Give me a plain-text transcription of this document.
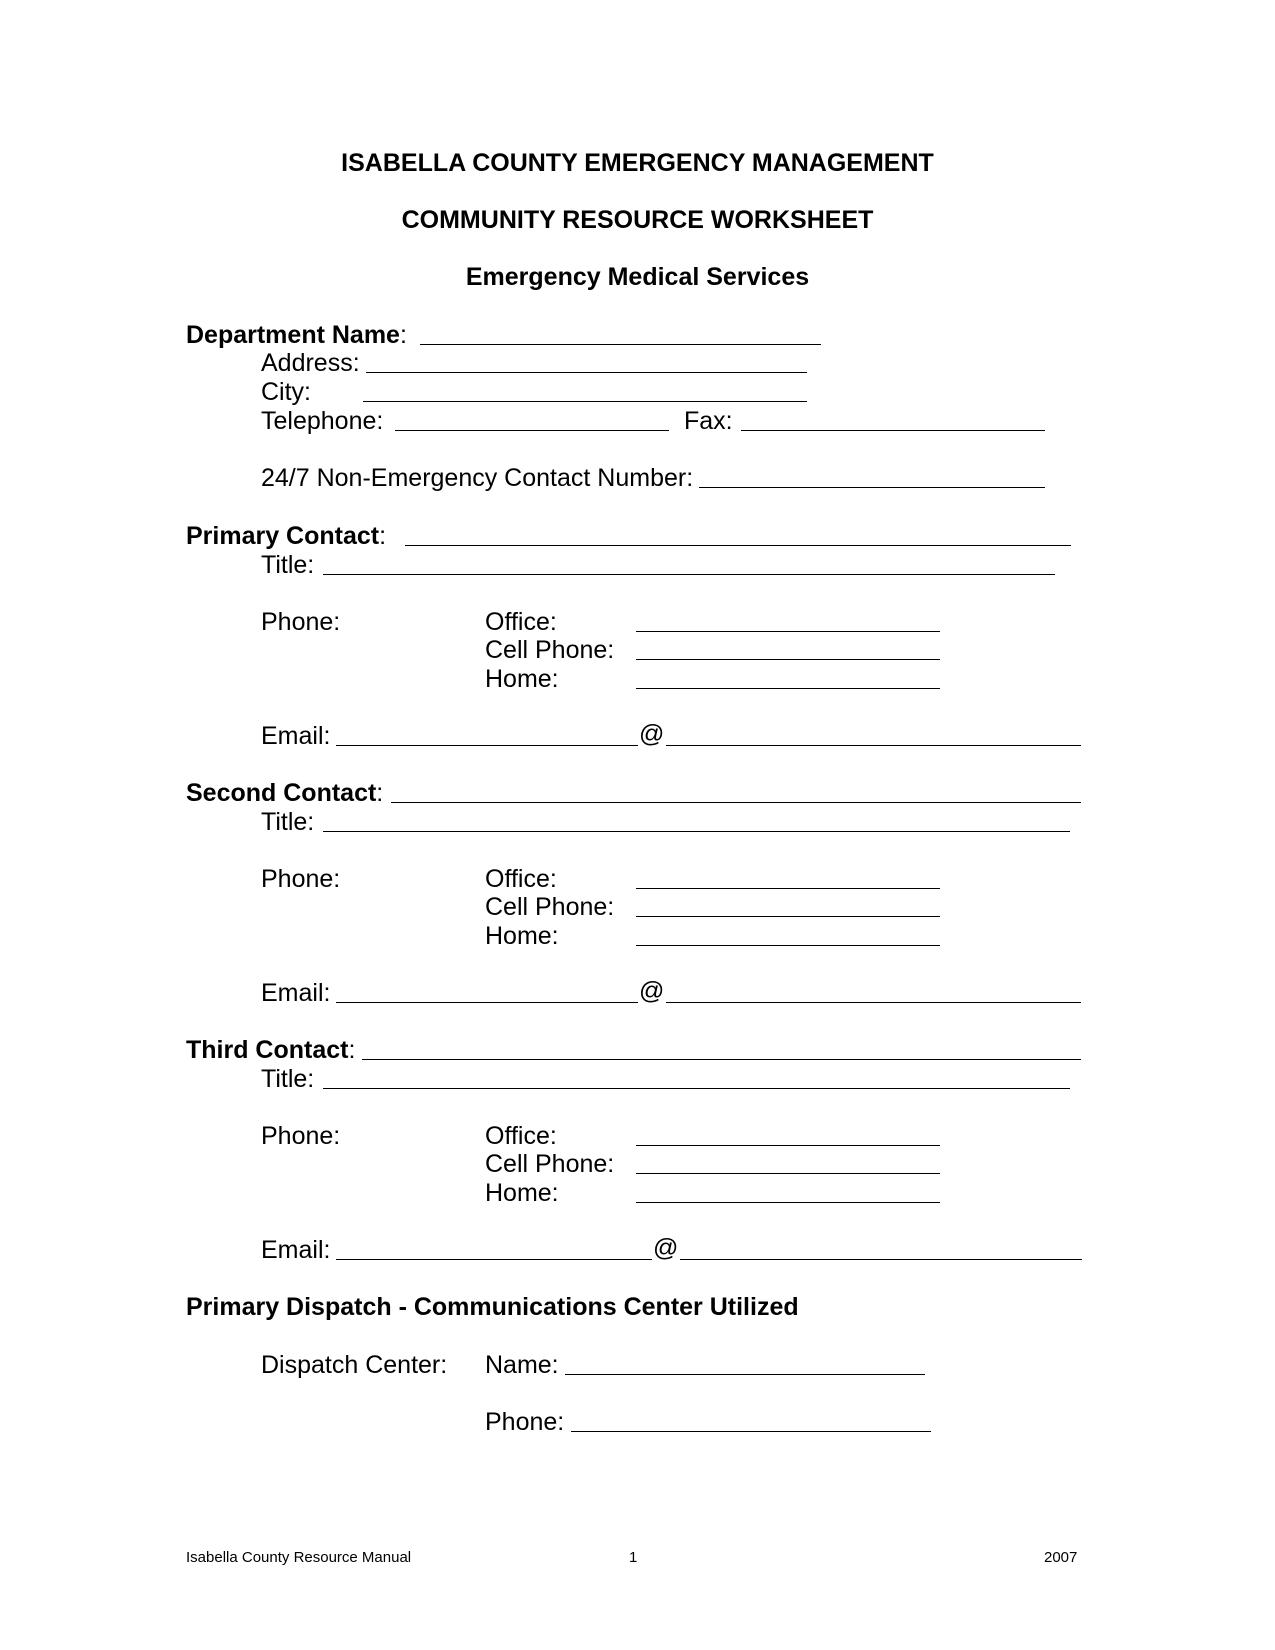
ISABELLA COUNTY EMERGENCY MANAGEMENT
COMMUNITY RESOURCE WORKSHEET
Emergency Medical Services
Department Name:
Address:
City:
Telephone:	Fax:
24/7 Non-Emergency Contact Number:
Primary Contact:
Title:
Phone:	Office:
Cell Phone:
Home:
Email:	@
Second Contact:
Title:
Phone:	Office:
Cell Phone:
Home:
Email:	@
Third Contact:
Title:
Phone:	Office:
Cell Phone:
Home:
Email:	@
Primary Dispatch - Communications Center Utilized
Dispatch Center: Name:
Phone:
Isabella County Resource Manual	1	2007
